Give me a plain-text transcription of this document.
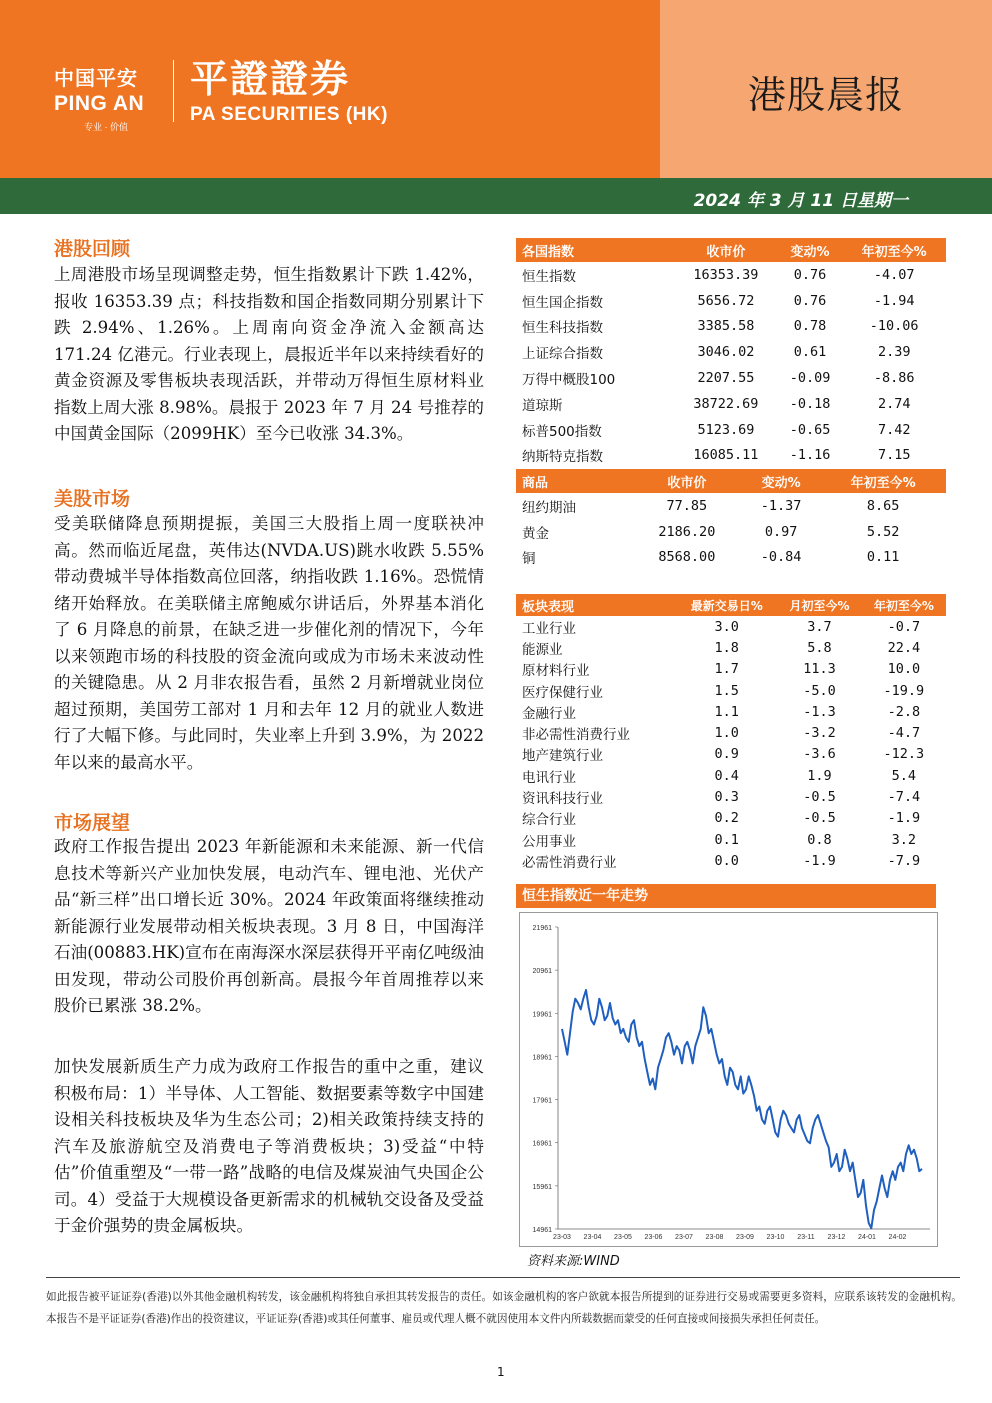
中国平安
PING AN
专业 · 价值
平證證券
PA SECURITIES (HK)	港股晨报
2024 年 3 月 11 日星期一
港股回顾
上周港股市场呈现调整走势，恒生指数累计下跌 1.42%，报收 16353.39 点；科技指数和国企指数同期分别累计下跌 2.94%、1.26%。上周南向资金净流入金额高达 171.24 亿港元。行业表现上，晨报近半年以来持续看好的黄金资源及零售板块表现活跃，并带动万得恒生原材料业指数上周大涨 8.98%。晨报于 2023 年 7 月 24 号推荐的中国黄金国际（2099HK）至今已收涨 34.3%。
美股市场
受美联储降息预期提振，美国三大股指上周一度联袂冲高。然而临近尾盘，英伟达(NVDA.US)跳水收跌 5.55%带动费城半导体指数高位回落，纳指收跌 1.16%。恐慌情绪开始释放。在美联储主席鲍威尔讲话后，外界基本消化了 6 月降息的前景，在缺乏进一步催化剂的情况下，今年以来领跑市场的科技股的资金流向或成为市场未来波动性的关键隐患。从 2 月非农报告看，虽然 2 月新增就业岗位超过预期，美国劳工部对 1 月和去年 12 月的就业人数进行了大幅下修。与此同时，失业率上升到 3.9%，为 2022 年以来的最高水平。
市场展望
政府工作报告提出 2023 年新能源和未来能源、新一代信息技术等新兴产业加快发展，电动汽车、锂电池、光伏产品“新三样”出口增长近 30%。2024 年政策面将继续推动新能源行业发展带动相关板块表现。3 月 8 日，中国海洋石油(00883.HK)宣布在南海深水深层获得开平南亿吨级油田发现，带动公司股价再创新高。晨报今年首周推荐以来股价已累涨 38.2%。
加快发展新质生产力成为政府工作报告的重中之重，建议积极布局：1）半导体、人工智能、数据要素等数字中国建设相关科技板块及华为生态公司；2)相关政策持续支持的汽车及旅游航空及消费电子等消费板块；3)受益“中特估”价值重塑及“一带一路”战略的电信及煤炭油气央国企公司。4）受益于大规模设备更新需求的机械轨交设备及受益于金价强势的贵金属板块。
各国指数	收市价	变动%	年初至今%
恒生指数	16353.39	0.76	-4.07
恒生国企指数	5656.72	0.76	-1.94
恒生科技指数	3385.58	0.78	-10.06
上证综合指数	3046.02	0.61	2.39
万得中概股100	2207.55	-0.09	-8.86
道琼斯	38722.69	-0.18	2.74
标普500指数	5123.69	-0.65	7.42
纳斯特克指数	16085.11	-1.16	7.15
商品	收市价	变动%	年初至今%
纽约期油	77.85	-1.37	8.65
黄金	2186.20	0.97	5.52
铜	8568.00	-0.84	0.11
板块表现	最新交易日%	月初至今%	年初至今%
工业行业	3.0	3.7	-0.7
能源业	1.8	5.8	22.4
原材料行业	1.7	11.3	10.0
医疗保健行业	1.5	-5.0	-19.9
金融行业	1.1	-1.3	-2.8
非必需性消费行业	1.0	-3.2	-4.7
地产建筑行业	0.9	-3.6	-12.3
电讯行业	0.4	1.9	5.4
资讯科技行业	0.3	-0.5	-7.4
综合行业	0.2	-0.5	-1.9
公用事业	0.1	0.8	3.2
必需性消费行业	0.0	-1.9	-7.9
恒生指数近一年走势
14961
15961
16961
17961
18961
19961
20961
21961
23-03 23-04 23-05 23-06 23-07 23-08 23-09 23-10 23-11 23-12 24-01 24-02
资料来源:WIND
如此报告被平证证券(香港)以外其他金融机构转发，该金融机构将独自承担其转发报告的责任。如该金融机构的客户欲就本报告所提到的证券进行交易或需要更多资料，应联系该转发的金融机构。本报告不是平证证券(香港)作出的投资建议，平证证券(香港)或其任何董事、雇员或代理人概不就因使用本文件内所载数据而蒙受的任何直接或间接损失承担任何责任。
1
